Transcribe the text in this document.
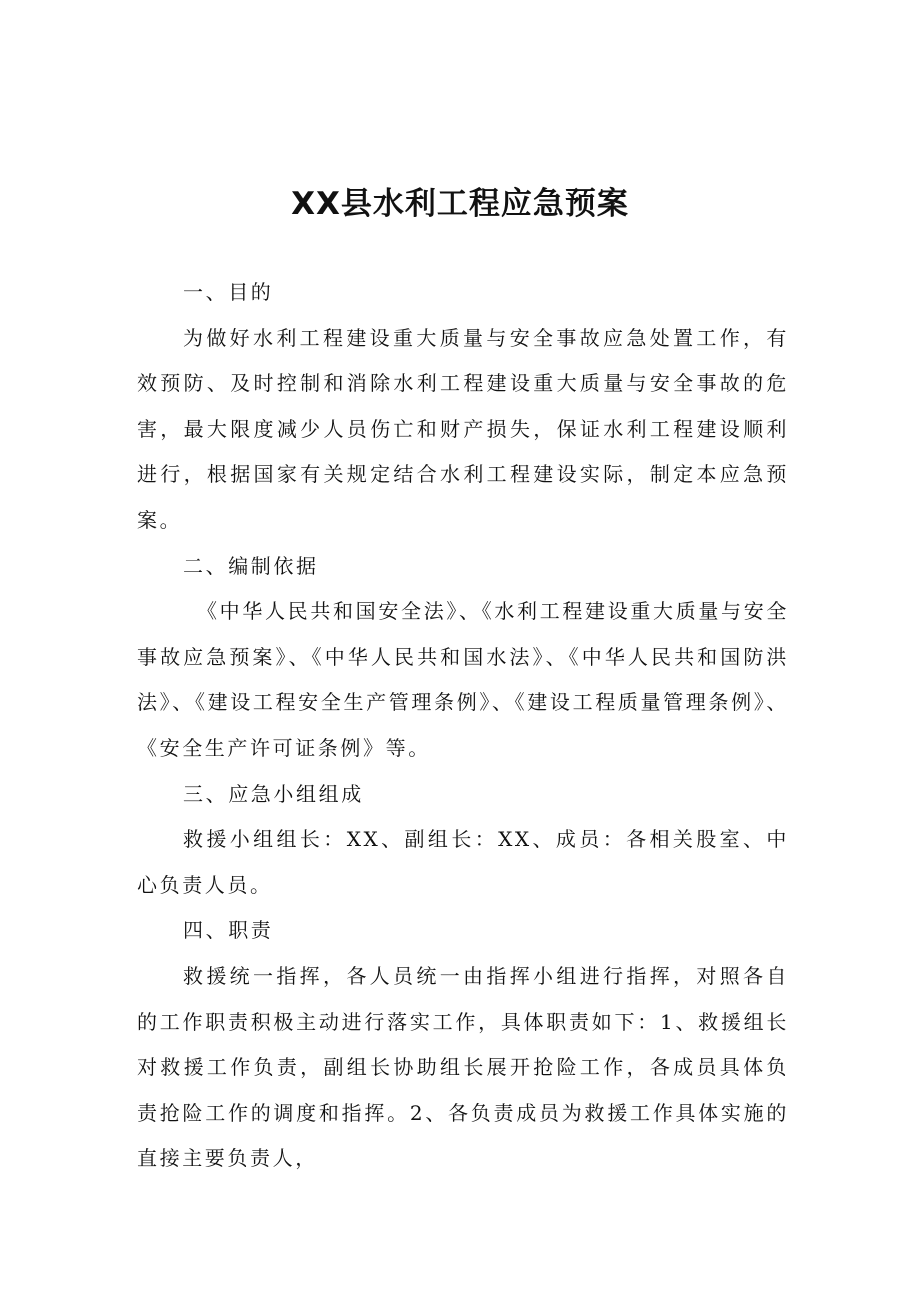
XX县水利工程应急预案

一、目的

为做好水利工程建设重大质量与安全事故应急处置工作，有效预防、及时控制和消除水利工程建设重大质量与安全事故的危害，最大限度减少人员伤亡和财产损失，保证水利工程建设顺利进行，根据国家有关规定结合水利工程建设实际，制定本应急预案。

二、编制依据

《中华人民共和国安全法》、《水利工程建设重大质量与安全事故应急预案》、《中华人民共和国水法》、《中华人民共和国防洪法》、《建设工程安全生产管理条例》、《建设工程质量管理条例》、《安全生产许可证条例》等。

三、应急小组组成

救援小组组长：XX、副组长：XX、成员：各相关股室、中心负责人员。

四、职责

救援统一指挥，各人员统一由指挥小组进行指挥，对照各自的工作职责积极主动进行落实工作，具体职责如下：1、救援组长对救援工作负责，副组长协助组长展开抢险工作，各成员具体负责抢险工作的调度和指挥。2、各负责成员为救援工作具体实施的直接主要负责人，
